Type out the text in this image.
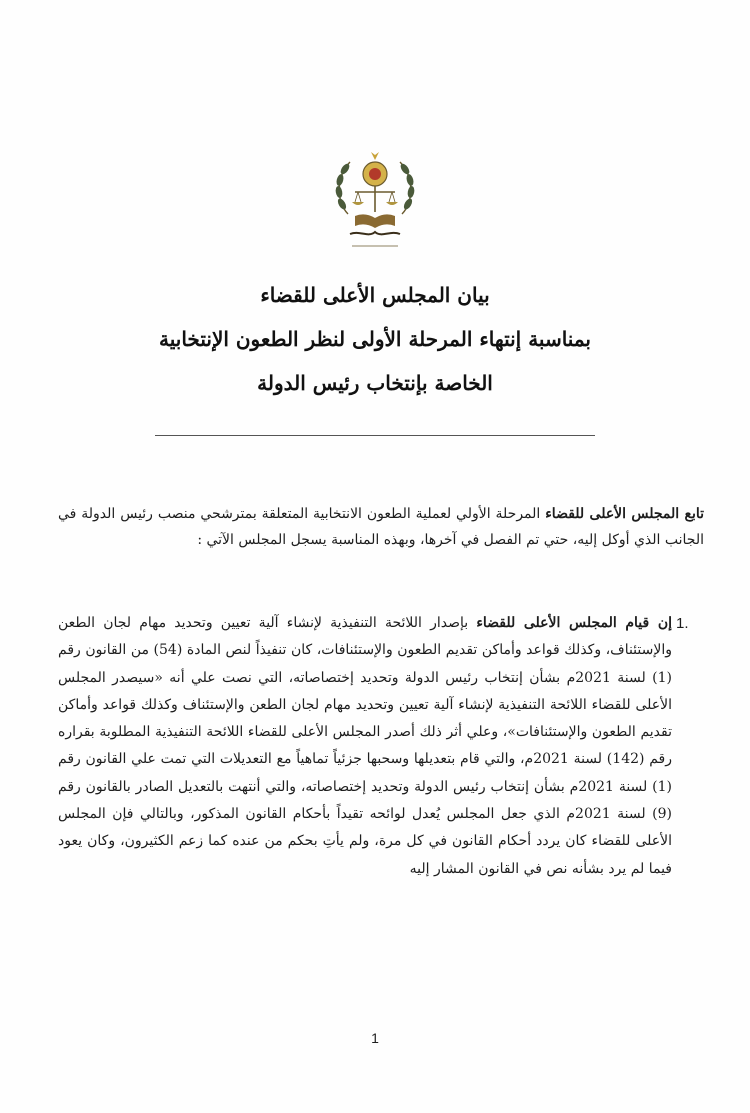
بيان المجلس الأعلى للقضاء

بمناسبة إنتهاء المرحلة الأولى لنظر الطعون الإنتخابية

الخاصة بإنتخاب رئيس الدولة

تابع المجلس الأعلى للقضاء المرحلة الأولي لعملية الطعون الانتخابية المتعلقة بمترشحي منصب رئيس الدولة في الجانب الذي أوكل إليه، حتي تم الفصل في آخرها، وبهذه المناسبة يسجل المجلس الآتي :

1.
إن قيام المجلس الأعلى للقضاء بإصدار اللائحة التنفيذية لإنشاء آلية تعيين وتحديد مهام لجان الطعن والإستئناف، وكذلك قواعد وأماكن تقديم الطعون والإستئنافات، كان تنفيذاً لنص المادة (54) من القانون رقم (1) لسنة 2021م بشأن إنتخاب رئيس الدولة وتحديد إختصاصاته، التي نصت علي أنه «سيصدر المجلس الأعلى للقضاء اللائحة التنفيذية لإنشاء آلية تعيين وتحديد مهام لجان الطعن والإستئناف وكذلك قواعد وأماكن تقديم الطعون والإستئنافات»، وعلي أثر ذلك أصدر المجلس الأعلى للقضاء اللائحة التنفيذية المطلوبة بقراره رقم (142) لسنة 2021م، والتي قام بتعديلها وسحبها جزئياً تماهياً مع التعديلات التي تمت علي القانون رقم (1) لسنة 2021م بشأن إنتخاب رئيس الدولة وتحديد إختصاصاته، والتي أنتهت بالتعديل الصادر بالقانون رقم (9) لسنة 2021م الذي جعل المجلس يُعدل لوائحه تقيداً بأحكام القانون المذكور، وبالتالي فإن المجلس الأعلى للقضاء كان يردد أحكام القانون في كل مرة، ولم يأتِ بحكم من عنده كما زعم الكثيرون، وكان يعود فيما لم يرد بشأنه نص في القانون المشار إليه
1
